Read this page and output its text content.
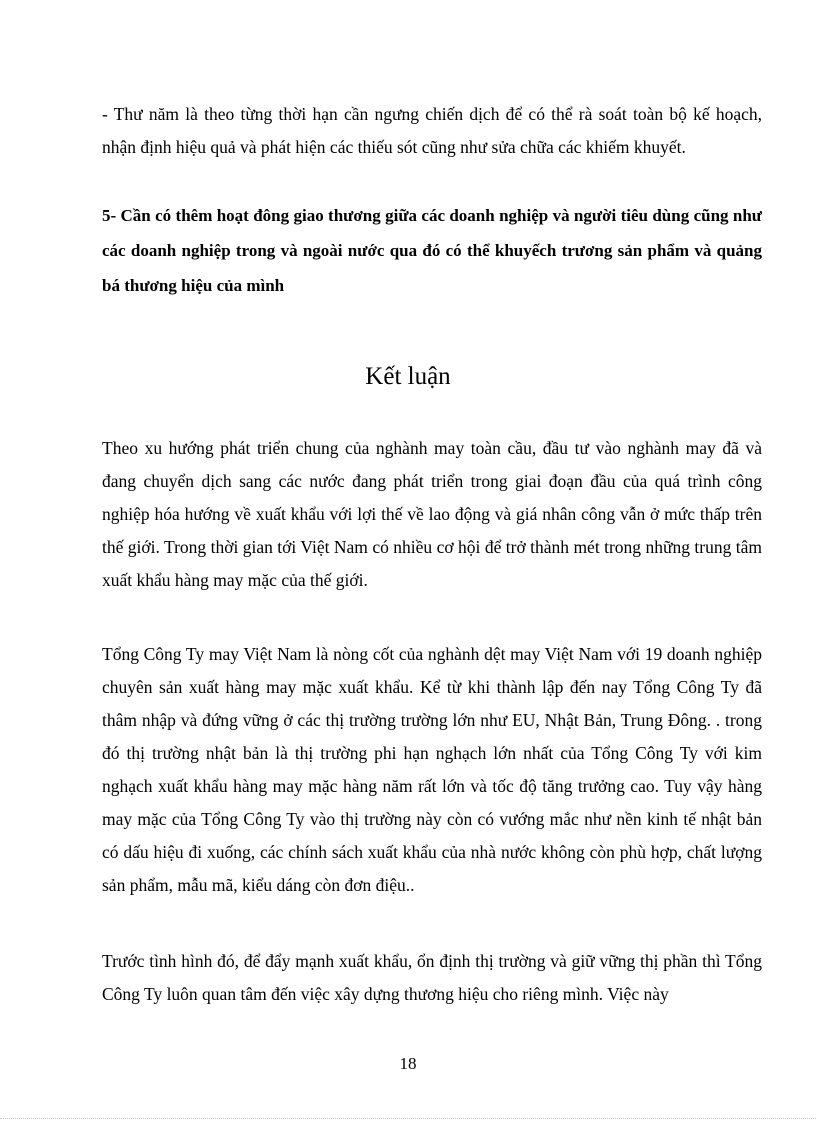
- Thư năm là theo từng thời hạn cần ngưng chiến dịch để có thể rà soát toàn bộ kế hoạch, nhận định hiệu quả và phát hiện các thiếu sót cũng như sửa chữa các khiếm khuyết.

5- Cần có thêm hoạt đông giao thương giữa các doanh nghiệp và người tiêu dùng cũng như các doanh nghiệp trong và ngoài nước qua đó có thể khuyếch trương sản phẩm và quảng bá thương hiệu của mình

Kết luận

Theo xu hướng phát triển chung của nghành may toàn cầu, đầu tư vào nghành may đã và đang chuyển dịch sang các nước đang phát triển trong giai đoạn đầu của quá trình công nghiệp hóa hướng về xuất khẩu với lợi thế về lao động và giá nhân công vẫn ở mức thấp trên thế giới. Trong thời gian tới Việt Nam có nhiều cơ hội để trở thành mét trong những trung tâm xuất khẩu hàng may mặc của thế giới.

Tổng Công Ty may Việt Nam là nòng cốt của nghành dệt may Việt Nam với 19 doanh nghiệp chuyên sản xuất hàng may mặc xuất khẩu. Kể từ khi thành lập đến nay Tổng Công Ty đã thâm nhập và đứng vững ở các thị trường trường lớn như EU, Nhật Bản, Trung Đông. . trong đó thị trường nhật bản là thị trường phi hạn nghạch lớn nhất của Tổng Công Ty với kim nghạch xuất khẩu hàng may mặc hàng năm rất lớn và tốc độ tăng trưởng cao. Tuy vậy hàng may mặc của Tổng Công Ty vào thị trường này còn có vướng mắc như nền kinh tế nhật bản có dấu hiệu đi xuống, các chính sách xuất khẩu của nhà nước không còn phù hợp, chất lượng sản phẩm, mẫu mã, kiểu dáng còn đơn điệu..

Trước tình hình đó, để đẩy mạnh xuất khẩu, ổn định thị trường và giữ vững thị phần thì Tổng Công Ty luôn quan tâm đến việc xây dựng thương hiệu cho riêng mình. Việc này

18
